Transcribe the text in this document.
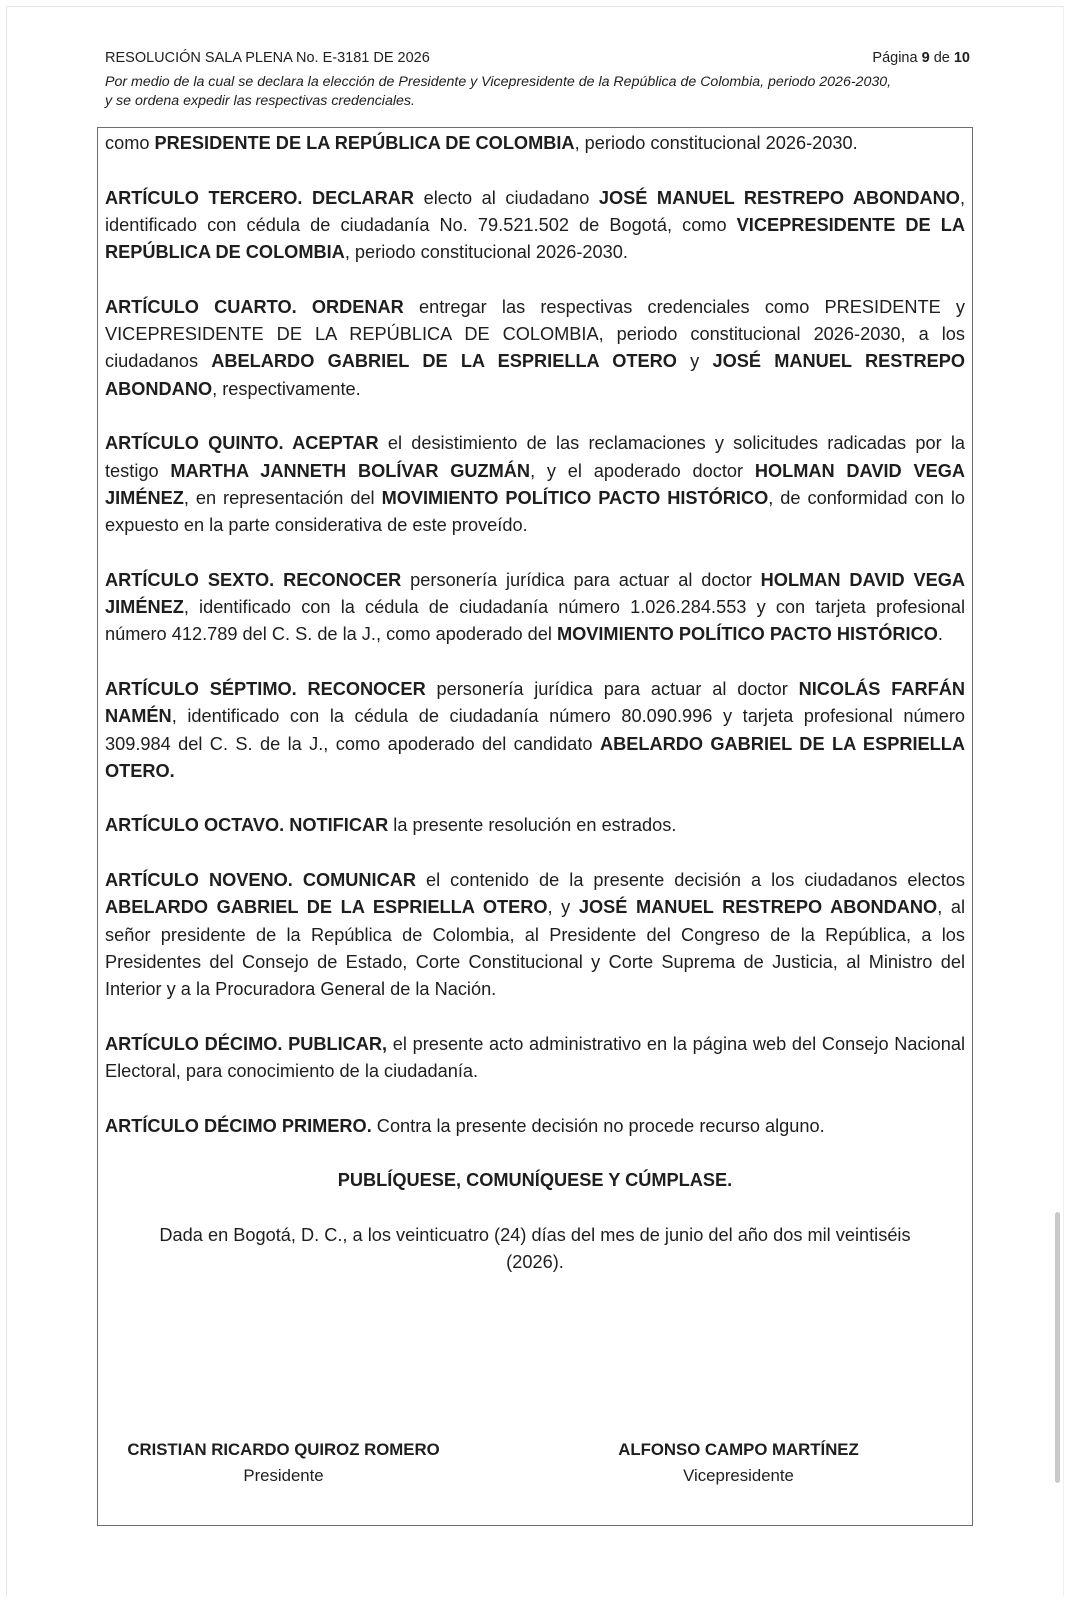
RESOLUCIÓN SALA PLENA No. E-3181 DE 2026	Página 9 de 10
Por medio de la cual se declara la elección de Presidente y Vicepresidente de la República de Colombia, periodo 2026-2030,
y se ordena expedir las respectivas credenciales.

como PRESIDENTE DE LA REPÚBLICA DE COLOMBIA, periodo constitucional 2026-2030.

ARTÍCULO TERCERO. DECLARAR electo al ciudadano JOSÉ MANUEL RESTREPO ABONDANO, identificado con cédula de ciudadanía No. 79.521.502 de Bogotá, como VICEPRESIDENTE DE LA REPÚBLICA DE COLOMBIA, periodo constitucional 2026-2030.

ARTÍCULO CUARTO. ORDENAR entregar las respectivas credenciales como PRESIDENTE y VICEPRESIDENTE DE LA REPÚBLICA DE COLOMBIA, periodo constitucional 2026-2030, a los ciudadanos ABELARDO GABRIEL DE LA ESPRIELLA OTERO y JOSÉ MANUEL RESTREPO ABONDANO, respectivamente.

ARTÍCULO QUINTO. ACEPTAR el desistimiento de las reclamaciones y solicitudes radicadas por la testigo MARTHA JANNETH BOLÍVAR GUZMÁN, y el apoderado doctor HOLMAN DAVID VEGA JIMÉNEZ, en representación del MOVIMIENTO POLÍTICO PACTO HISTÓRICO, de conformidad con lo expuesto en la parte considerativa de este proveído.

ARTÍCULO SEXTO. RECONOCER personería jurídica para actuar al doctor HOLMAN DAVID VEGA JIMÉNEZ, identificado con la cédula de ciudadanía número 1.026.284.553 y con tarjeta profesional número 412.789 del C. S. de la J., como apoderado del MOVIMIENTO POLÍTICO PACTO HISTÓRICO.

ARTÍCULO SÉPTIMO. RECONOCER personería jurídica para actuar al doctor NICOLÁS FARFÁN NAMÉN, identificado con la cédula de ciudadanía número 80.090.996 y tarjeta profesional número 309.984 del C. S. de la J., como apoderado del candidato ABELARDO GABRIEL DE LA ESPRIELLA OTERO.

ARTÍCULO OCTAVO. NOTIFICAR la presente resolución en estrados.

ARTÍCULO NOVENO. COMUNICAR el contenido de la presente decisión a los ciudadanos electos ABELARDO GABRIEL DE LA ESPRIELLA OTERO, y JOSÉ MANUEL RESTREPO ABONDANO, al señor presidente de la República de Colombia, al Presidente del Congreso de la República, a los Presidentes del Consejo de Estado, Corte Constitucional y Corte Suprema de Justicia, al Ministro del Interior y a la Procuradora General de la Nación.

ARTÍCULO DÉCIMO. PUBLICAR, el presente acto administrativo en la página web del Consejo Nacional Electoral, para conocimiento de la ciudadanía.

ARTÍCULO DÉCIMO PRIMERO. Contra la presente decisión no procede recurso alguno.

PUBLÍQUESE, COMUNÍQUESE Y CÚMPLASE.

Dada en Bogotá, D. C., a los veinticuatro (24) días del mes de junio del año dos mil veintiséis
(2026).

CRISTIAN RICARDO QUIROZ ROMERO
Presidente
ALFONSO CAMPO MARTÍNEZ
Vicepresidente
